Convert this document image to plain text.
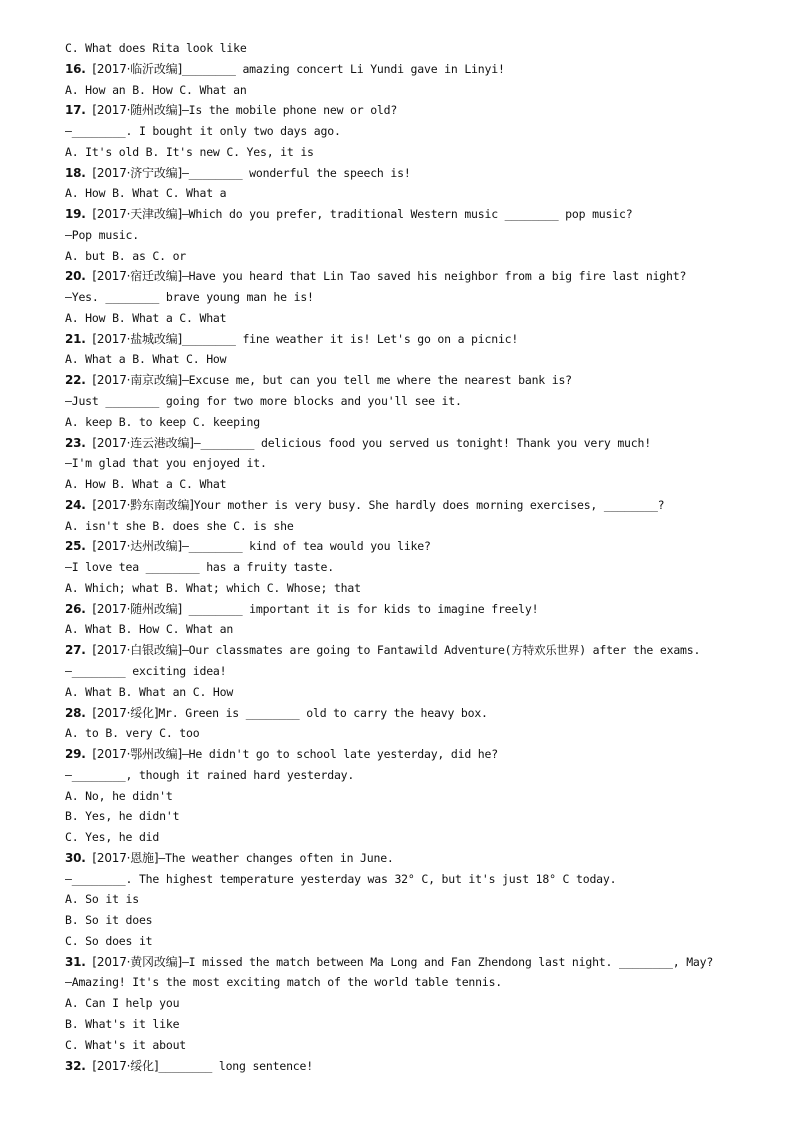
C. What does Rita look like
16. [2017·临沂改编]________ amazing concert Li Yundi gave in Linyi!
A. How an B. How C. What an
17. [2017·随州改编]—Is the mobile phone new or old?
—________. I bought it only two days ago.
A. It's old B. It's new C. Yes, it is
18. [2017·济宁改编]—________ wonderful the speech is!
A. How B. What C. What a
19. [2017·天津改编]—Which do you prefer, traditional Western music ________ pop music?
—Pop music.
A. but B. as C. or
20. [2017·宿迁改编]—Have you heard that Lin Tao saved his neighbor from a big fire last night?
—Yes. ________ brave young man he is!
A. How B. What a C. What
21. [2017·盐城改编]________ fine weather it is! Let's go on a picnic!
A. What a B. What C. How
22. [2017·南京改编]—Excuse me, but can you tell me where the nearest bank is?
—Just ________ going for two more blocks and you'll see it.
A. keep B. to keep C. keeping
23. [2017·连云港改编]—________ delicious food you served us tonight! Thank you very much!
—I'm glad that you enjoyed it.
A. How B. What a C. What
24. [2017·黔东南改编]Your mother is very busy. She hardly does morning exercises, ________?
A. isn't she B. does she C. is she
25. [2017·达州改编]—________ kind of tea would you like?
—I love tea ________ has a fruity taste.
A. Which; what B. What; which C. Whose; that
26. [2017·随州改编] ________ important it is for kids to imagine freely!
A. What B. How C. What an
27. [2017·白银改编]—Our classmates are going to Fantawild Adventure(方特欢乐世界) after the exams.
—________ exciting idea!
A. What B. What an C. How
28. [2017·绥化]Mr. Green is ________ old to carry the heavy box.
A. to B. very C. too
29. [2017·鄂州改编]—He didn't go to school late yesterday, did he?
—________, though it rained hard yesterday.
A. No, he didn't
B. Yes, he didn't
C. Yes, he did
30. [2017·恩施]—The weather changes often in June.
—________. The highest temperature yesterday was 32° C, but it's just 18° C today.
A. So it is
B. So it does
C. So does it
31. [2017·黄冈改编]—I missed the match between Ma Long and Fan Zhendong last night. ________, May?
—Amazing! It's the most exciting match of the world table tennis.
A. Can I help you
B. What's it like
C. What's it about
32. [2017·绥化]________ long sentence!
